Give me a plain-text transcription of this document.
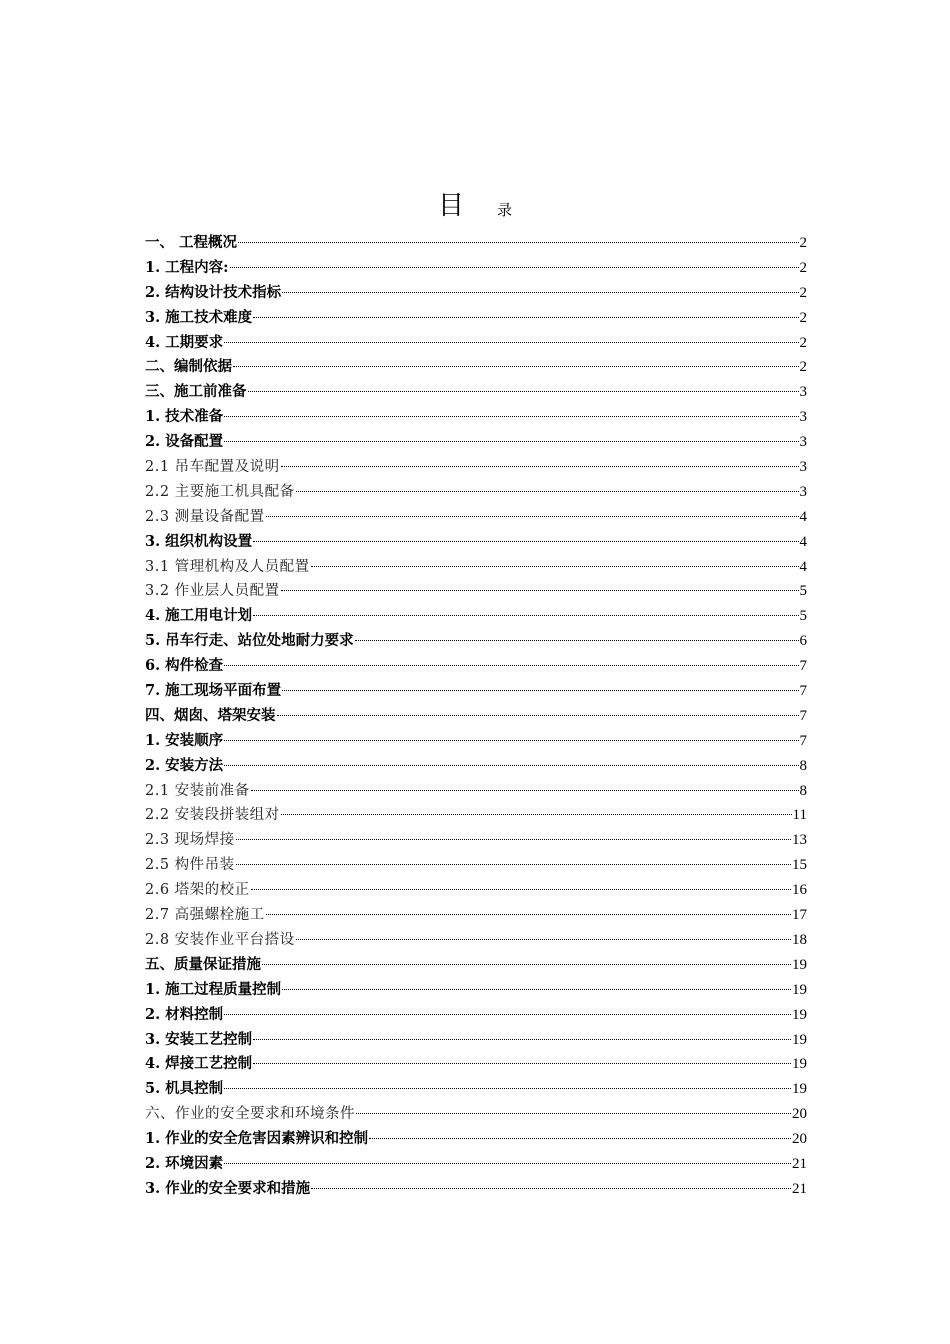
目 录
一、 工程概况	2
1. 工程内容:	2
2. 结构设计技术指标	2
3. 施工技术难度	2
4. 工期要求	2
二、编制依据	2
三、施工前准备	3
1. 技术准备	3
2. 设备配置	3
2.1 吊车配置及说明	3
2.2 主要施工机具配备	3
2.3 测量设备配置	4
3. 组织机构设置	4
3.1 管理机构及人员配置	4
3.2 作业层人员配置	5
4. 施工用电计划	5
5. 吊车行走、站位处地耐力要求	6
6. 构件检查	7
7. 施工现场平面布置	7
四、烟囱、塔架安装	7
1. 安装顺序	7
2. 安装方法	8
2.1 安装前准备	8
2.2 安装段拼装组对	11
2.3 现场焊接	13
2.5 构件吊装	15
2.6 塔架的校正	16
2.7 高强螺栓施工	17
2.8 安装作业平台搭设	18
五、质量保证措施	19
1. 施工过程质量控制	19
2. 材料控制	19
3. 安装工艺控制	19
4. 焊接工艺控制	19
5. 机具控制	19
六、作业的安全要求和环境条件	20
1. 作业的安全危害因素辨识和控制	20
2. 环境因素	21
3. 作业的安全要求和措施	21
